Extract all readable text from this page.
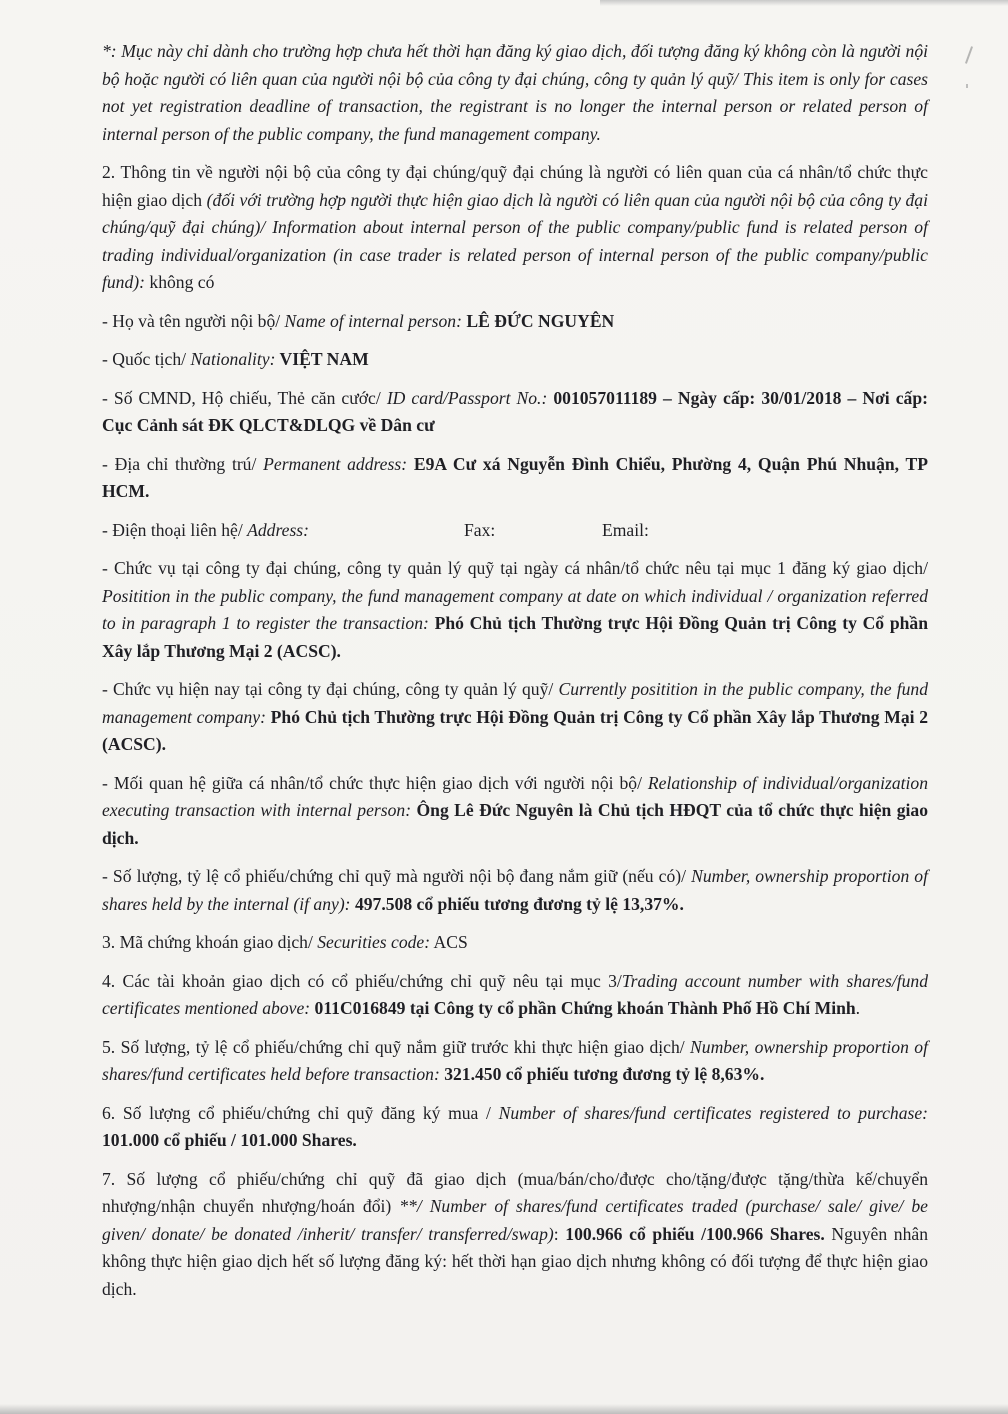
*: Mục này chỉ dành cho trường hợp chưa hết thời hạn đăng ký giao dịch, đối tượng đăng ký không còn là người nội bộ hoặc người có liên quan của người nội bộ của công ty đại chúng, công ty quản lý quỹ/ This item is only for cases not yet registration deadline of transaction, the registrant is no longer the internal person or related person of internal person of the public company, the fund management company.

2. Thông tin về người nội bộ của công ty đại chúng/quỹ đại chúng là người có liên quan của cá nhân/tổ chức thực hiện giao dịch (đối với trường hợp người thực hiện giao dịch là người có liên quan của người nội bộ của công ty đại chúng/quỹ đại chúng)/ Information about internal person of the public company/public fund is related person of trading individual/organization (in case trader is related person of internal person of the public company/public fund): không có

- Họ và tên người nội bộ/ Name of internal person: LÊ ĐỨC NGUYÊN

- Quốc tịch/ Nationality: VIỆT NAM

- Số CMND, Hộ chiếu, Thẻ căn cước/ ID card/Passport No.: 001057011189 – Ngày cấp: 30/01/2018 – Nơi cấp: Cục Cảnh sát ĐK QLCT&DLQG về Dân cư

- Địa chỉ thường trú/ Permanent address: E9A Cư xá Nguyễn Đình Chiểu, Phường 4, Quận Phú Nhuận, TP HCM.

- Điện thoại liên hệ/ Address:	Fax:	Email:

- Chức vụ tại công ty đại chúng, công ty quản lý quỹ tại ngày cá nhân/tổ chức nêu tại mục 1 đăng ký giao dịch/ Positition in the public company, the fund management company at date on which individual / organization referred to in paragraph 1 to register the transaction: Phó Chủ tịch Thường trực Hội Đồng Quản trị Công ty Cổ phần Xây lắp Thương Mại 2 (ACSC).

- Chức vụ hiện nay tại công ty đại chúng, công ty quản lý quỹ/ Currently positition in the public company, the fund management company: Phó Chủ tịch Thường trực Hội Đồng Quản trị Công ty Cổ phần Xây lắp Thương Mại 2 (ACSC).

- Mối quan hệ giữa cá nhân/tổ chức thực hiện giao dịch với người nội bộ/ Relationship of individual/organization executing transaction with internal person: Ông Lê Đức Nguyên là Chủ tịch HĐQT của tổ chức thực hiện giao dịch.

- Số lượng, tỷ lệ cổ phiếu/chứng chỉ quỹ mà người nội bộ đang nắm giữ (nếu có)/ Number, ownership proportion of shares held by the internal (if any): 497.508 cổ phiếu tương đương tỷ lệ 13,37%.

3. Mã chứng khoán giao dịch/ Securities code: ACS

4. Các tài khoản giao dịch có cổ phiếu/chứng chỉ quỹ nêu tại mục 3/Trading account number with shares/fund certificates mentioned above: 011C016849 tại Công ty cổ phần Chứng khoán Thành Phố Hồ Chí Minh.

5. Số lượng, tỷ lệ cổ phiếu/chứng chỉ quỹ nắm giữ trước khi thực hiện giao dịch/ Number, ownership proportion of shares/fund certificates held before transaction: 321.450 cổ phiếu tương đương tỷ lệ 8,63%.

6. Số lượng cổ phiếu/chứng chỉ quỹ đăng ký mua / Number of shares/fund certificates registered to purchase: 101.000 cổ phiếu / 101.000 Shares.

7. Số lượng cổ phiếu/chứng chỉ quỹ đã giao dịch (mua/bán/cho/được cho/tặng/được tặng/thừa kế/chuyển nhượng/nhận chuyển nhượng/hoán đổi) **/ Number of shares/fund certificates traded (purchase/ sale/ give/ be given/ donate/ be donated /inherit/ transfer/ transferred/swap): 100.966 cổ phiếu /100.966 Shares. Nguyên nhân không thực hiện giao dịch hết số lượng đăng ký: hết thời hạn giao dịch nhưng không có đối tượng để thực hiện giao dịch.
